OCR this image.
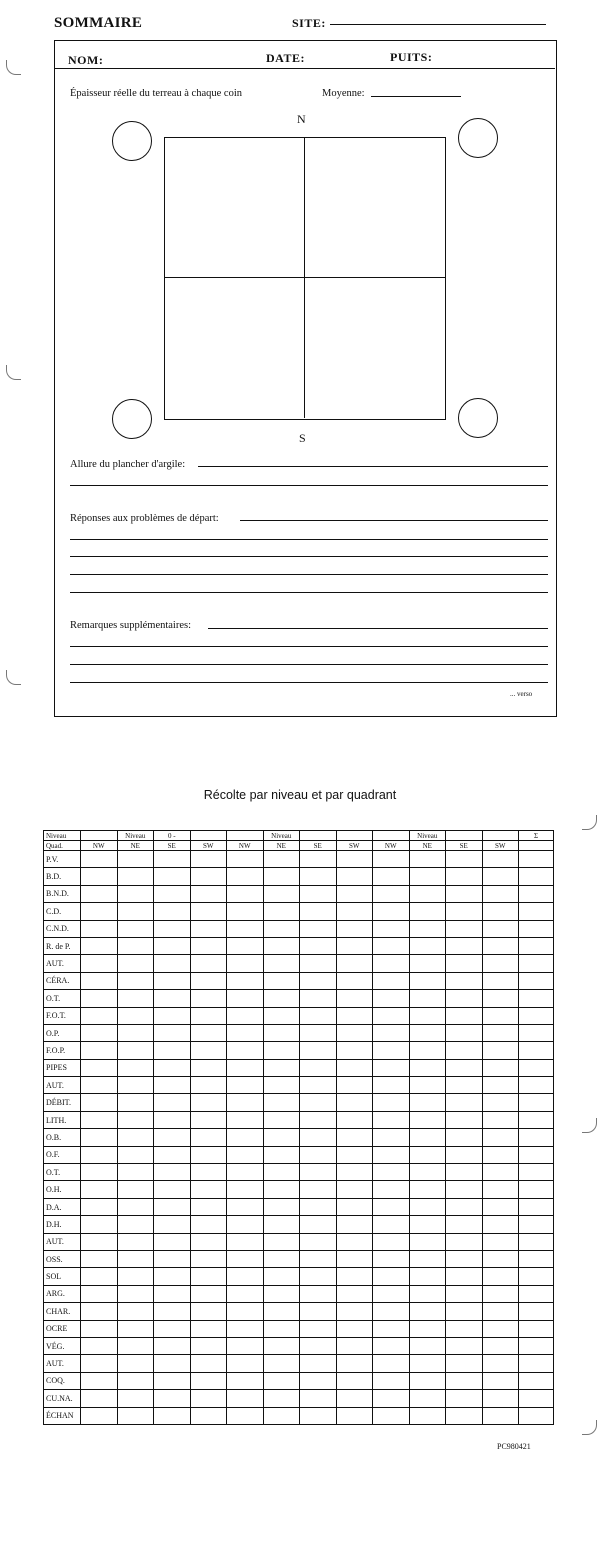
SOMMAIRE	SITE:
NOM:	DATE:	PUITS:
Épaisseur réelle du terreau à chaque coin	Moyenne:
N
S
Allure du plancher d'argile:
Réponses aux problèmes de départ:
Remarques supplémentaires:
... verso
Récolte par niveau et par quadrant
Niveau		Niveau	0 -			Niveau				Niveau			Σ
Quad.	NW	NE	SE	SW	NW	NE	SE	SW	NW	NE	SE	SW	
P.V.													
B.D.													
B.N.D.													
C.D.													
C.N.D.													
R. de P.													
AUT.													
CÉRA.													
O.T.													
F.O.T.													
O.P.													
F.O.P.													
PIPES													
AUT.													
DÉBIT.													
LITH.													
O.B.													
O.F.													
O.T.													
O.H.													
D.A.													
D.H.													
AUT.													
OSS.													
SOL													
ARG.													
CHAR.													
OCRE													
VÉG.													
AUT.													
COQ.													
CU.NA.													
ÉCHAN													
PC980421
